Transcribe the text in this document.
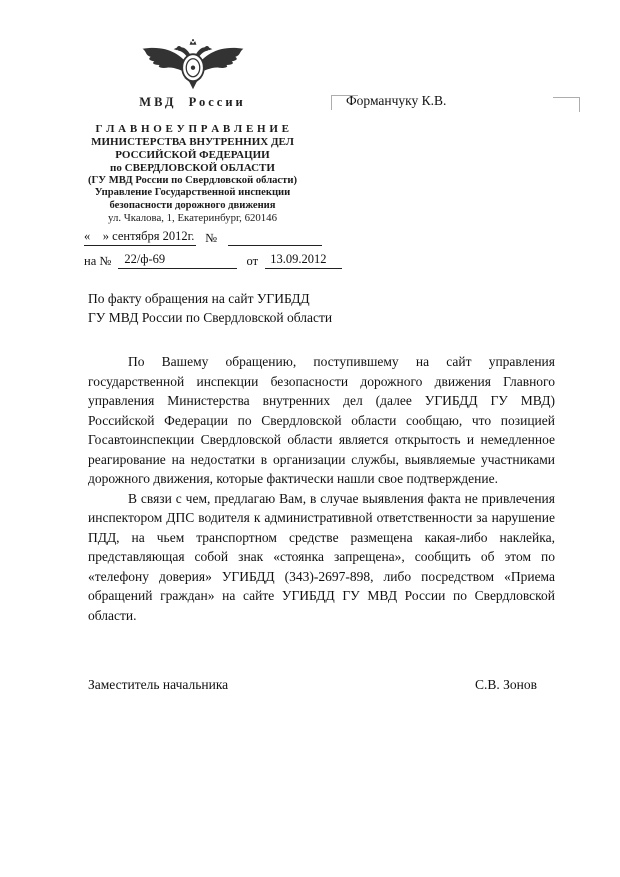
МВД России
Г Л А В Н О Е У П Р А В Л Е Н И Е
МИНИСТЕРСТВА ВНУТРЕННИХ ДЕЛ
РОССИЙСКОЙ ФЕДЕРАЦИИ
по СВЕРДЛОВСКОЙ ОБЛАСТИ
(ГУ МВД России по Свердловской области)
Управление Государственной инспекции
безопасности дорожного движения
ул. Чкалова, 1, Екатеринбург, 620146
Форманчуку К.В.
«    » сентября 2012г. №
на № 22/ф-69	от 13.09.2012
По факту обращения на сайт УГИБДД
ГУ МВД России по Свердловской области
По Вашему обращению, поступившему на сайт управления
государственной инспекции безопасности дорожного движения Главного
управления Министерства внутренних дел (далее УГИБДД ГУ МВД)
Российской Федерации по Свердловской области сообщаю, что позицией
Госавтоинспекции Свердловской области является открытость и немедленное
реагирование на недостатки в организации службы, выявляемые участниками
дорожного движения, которые фактически нашли свое подтверждение.
В связи с чем, предлагаю Вам, в случае выявления факта не привлечения
инспектором ДПС водителя к административной ответственности за нарушение
ПДД, на чьем транспортном средстве размещена какая-либо наклейка,
представляющая собой знак «стоянка запрещена», сообщить об этом по
«телефону доверия» УГИБДД (343)-2697-898, либо посредством «Приема
обращений граждан» на сайте УГИБДД ГУ МВД России по Свердловской
области.
Заместитель начальника	С.В. Зонов
